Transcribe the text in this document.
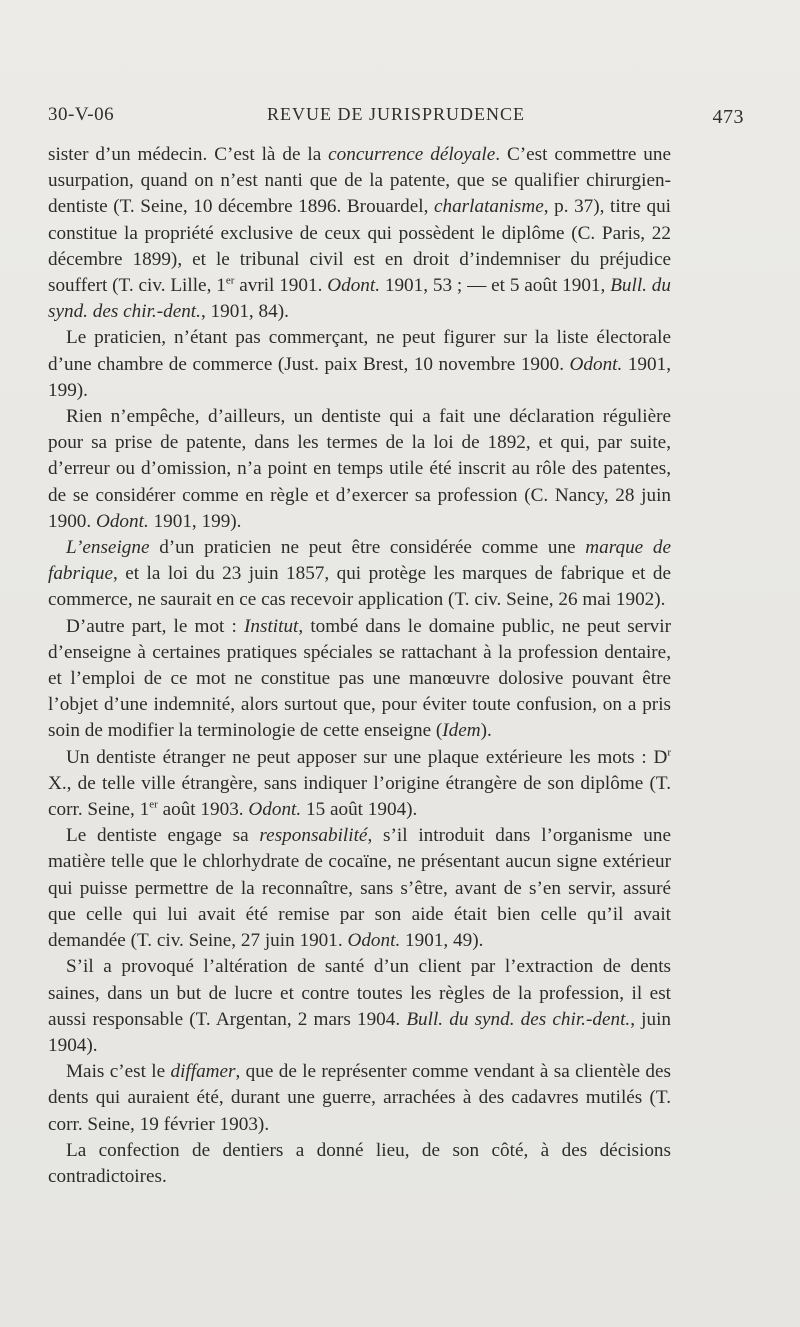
30-V-06	REVUE DE JURISPRUDENCE	473

sister d’un médecin. C’est là de la concurrence déloyale. C’est commettre une usurpation, quand on n’est nanti que de la patente, que se qualifier chirurgien-dentiste (T. Seine, 10 décembre 1896. Brouardel, charlatanisme, p. 37), titre qui constitue la propriété exclusive de ceux qui possèdent le diplôme (C. Paris, 22 décembre 1899), et le tribunal civil est en droit d’indemniser du préjudice souffert (T. civ. Lille, 1er avril 1901. Odont. 1901, 53 ; — et 5 août 1901, Bull. du synd. des chir.-dent., 1901, 84).

Le praticien, n’étant pas commerçant, ne peut figurer sur la liste électorale d’une chambre de commerce (Just. paix Brest, 10 novembre 1900. Odont. 1901, 199).

Rien n’empêche, d’ailleurs, un dentiste qui a fait une déclaration régulière pour sa prise de patente, dans les termes de la loi de 1892, et qui, par suite, d’erreur ou d’omission, n’a point en temps utile été inscrit au rôle des patentes, de se considérer comme en règle et d’exercer sa profession (C. Nancy, 28 juin 1900. Odont. 1901, 199).

L’enseigne d’un praticien ne peut être considérée comme une marque de fabrique, et la loi du 23 juin 1857, qui protège les marques de fabrique et de commerce, ne saurait en ce cas recevoir application (T. civ. Seine, 26 mai 1902).

D’autre part, le mot : Institut, tombé dans le domaine public, ne peut servir d’enseigne à certaines pratiques spéciales se rattachant à la profession dentaire, et l’emploi de ce mot ne constitue pas une manœuvre dolosive pouvant être l’objet d’une indemnité, alors surtout que, pour éviter toute confusion, on a pris soin de modifier la terminologie de cette enseigne (Idem).

Un dentiste étranger ne peut apposer sur une plaque extérieure les mots : $D^r$ X., de telle ville étrangère, sans indiquer l’origine étrangère de son diplôme (T. corr. Seine, 1er août 1903. Odont. 15 août 1904).

Le dentiste engage sa responsabilité, s’il introduit dans l’organisme une matière telle que le chlorhydrate de cocaïne, ne présentant aucun signe extérieur qui puisse permettre de la reconnaître, sans s’être, avant de s’en servir, assuré que celle qui lui avait été remise par son aide était bien celle qu’il avait demandée (T. civ. Seine, 27 juin 1901. Odont. 1901, 49).

S’il a provoqué l’altération de santé d’un client par l’extraction de dents saines, dans un but de lucre et contre toutes les règles de la profession, il est aussi responsable (T. Argentan, 2 mars 1904. Bull. du synd. des chir.-dent., juin 1904).

Mais c’est le diffamer, que de le représenter comme vendant à sa clientèle des dents qui auraient été, durant une guerre, arrachées à des cadavres mutilés (T. corr. Seine, 19 février 1903).

La confection de dentiers a donné lieu, de son côté, à des décisions contradictoires.
